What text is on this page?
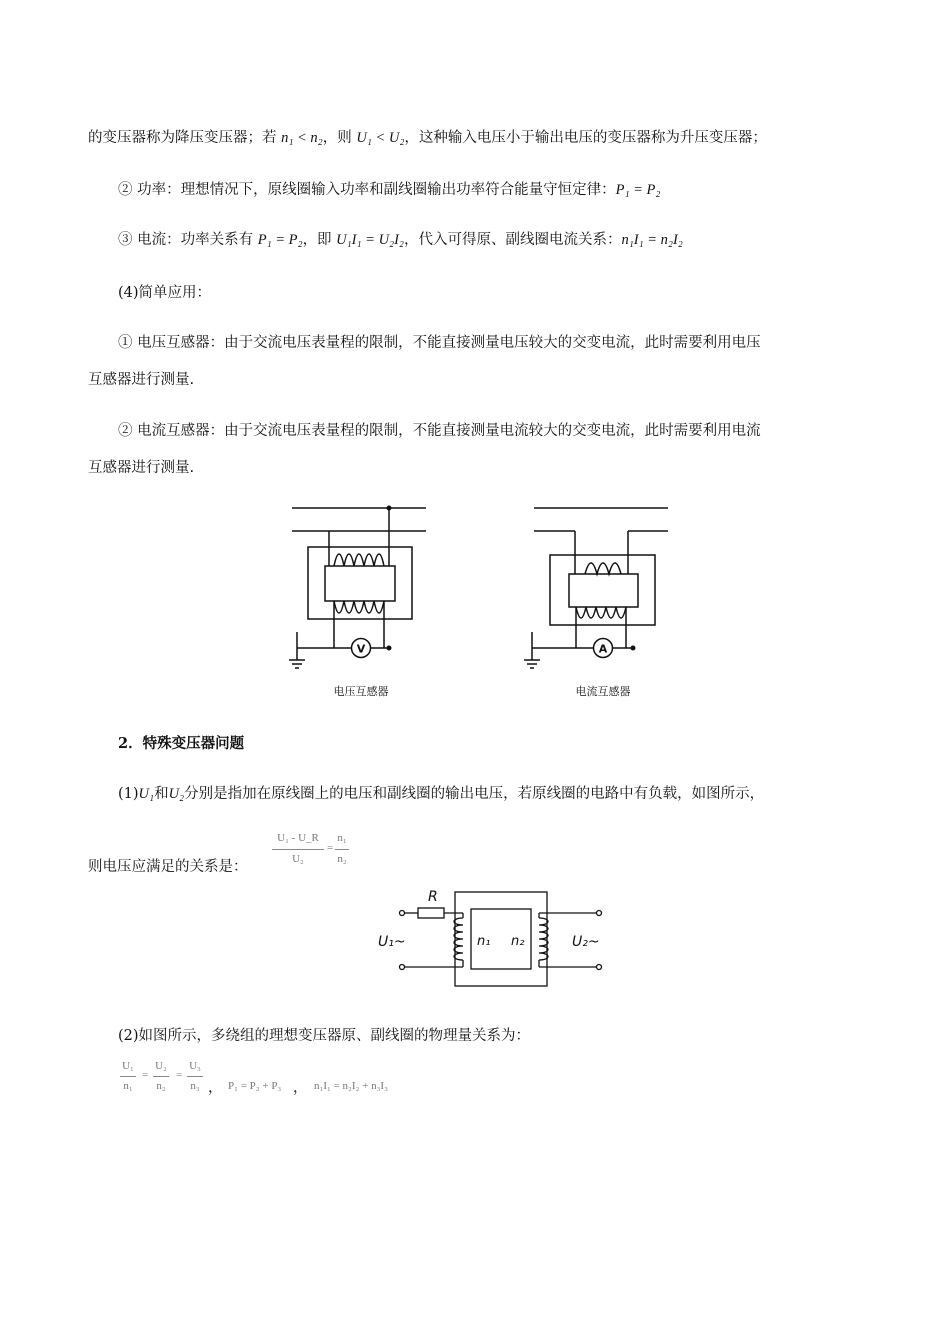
的变压器称为降压变压器；若 n₁ < n₂，则 U₁ < U₂，这种输入电压小于输出电压的变压器称为升压变压器；
② 功率：理想情况下，原线圈输入功率和副线圈输出功率符合能量守恒定律：P₁ = P₂
③ 电流：功率关系有 P₁ = P₂，即 U₁I₁ = U₂I₂，代入可得原、副线圈电流关系：n₁I₁ = n₂I₂
(4)简单应用：
① 电压互感器：由于交流电压表量程的限制，不能直接测量电压较大的交变电流，此时需要利用电压
互感器进行测量.
② 电流互感器：由于交流电压表量程的限制，不能直接测量电流较大的交变电流，此时需要利用电流
互感器进行测量.
V	A
电压互感器	电流互感器
2．特殊变压器问题
(1)U₁和U₂分别是指加在原线圈上的电压和副线圈的输出电压，若原线圈的电路中有负载，如图所示，
则电压应满足的关系是：
U₁ - U_R
U₂
=
n₁
n₂
R
U₁~	n₁ n₂	U₂~
(2)如图所示，多绕组的理想变压器原、副线圈的物理量关系为：
U₁
n₁
=
U₂
n₂
=
U₃
n₃ ， P₁ = P₂ + P₃ ， n₁I₁ = n₂I₂ + n₃I₃
